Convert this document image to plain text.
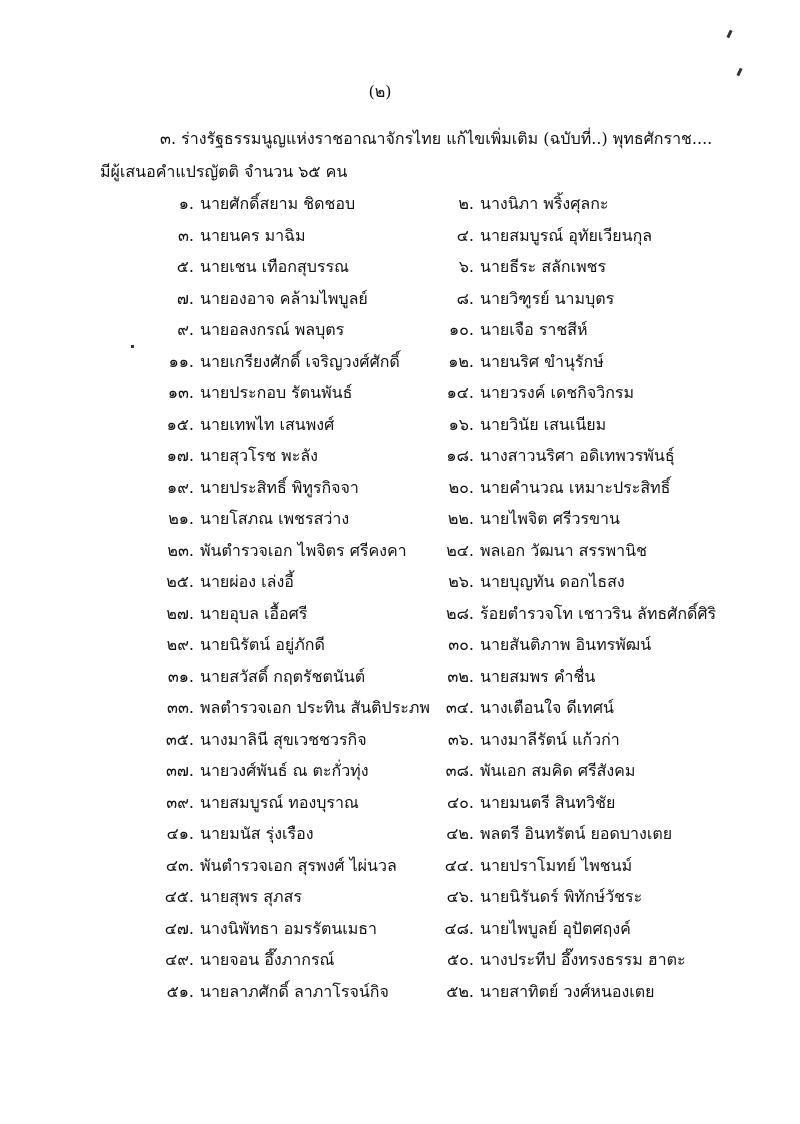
(๒)
๓. ร่างรัฐธรรมนูญแห่งราชอาณาจักรไทย แก้ไขเพิ่มเติม (ฉบับที่..) พุทธศักราช....
มีผู้เสนอคำแปรญัตติ จำนวน ๖๕ คน
๑. นายศักดิ์สยาม ชิดชอบ	๒. นางนิภา พริ้งศุลกะ
๓. นายนคร มาฉิม	๔. นายสมบูรณ์ อุทัยเวียนกุล
๕. นายเชน เทือกสุบรรณ	๖. นายธีระ สลักเพชร
๗. นายองอาจ คล้ามไพบูลย์	๘. นายวิฑูรย์ นามบุตร
๙. นายอลงกรณ์ พลบุตร	๑๐. นายเจือ ราชสีห์
๑๑. นายเกรียงศักดิ์ เจริญวงศ์ศักดิ์	๑๒. นายนริศ ขำนุรักษ์
๑๓. นายประกอบ รัตนพันธ์	๑๔. นายวรงค์ เดชกิจวิกรม
๑๕. นายเทพไท เสนพงศ์	๑๖. นายวินัย เสนเนียม
๑๗. นายสุวโรช พะลัง	๑๘. นางสาวนริศา อดิเทพวรพันธุ์
๑๙. นายประสิทธิ์ พิทูรกิจจา	๒๐. นายคำนวณ เหมาะประสิทธิ์
๒๑. นายโสภณ เพชรสว่าง	๒๒. นายไพจิต ศรีวรขาน
๒๓. พันตำรวจเอก ไพจิตร ศรีคงคา	๒๔. พลเอก วัฒนา สรรพานิช
๒๕. นายผ่อง เล่งอี้	๒๖. นายบุญทัน ดอกไธสง
๒๗. นายอุบล เอื้อศรี	๒๘. ร้อยตำรวจโท เชาวริน ลัทธศักดิ์ศิริ
๒๙. นายนิรัตน์ อยู่ภักดี	๓๐. นายสันติภาพ อินทรพัฒน์
๓๑. นายสวัสดิ์ กฤตรัชตนันต์	๓๒. นายสมพร คำชื่น
๓๓. พลตำรวจเอก ประทิน สันติประภพ ๓๔. นางเตือนใจ ดีเทศน์
๓๕. นางมาลินี สุขเวชชวรกิจ	๓๖. นางมาลีรัตน์ แก้วก่า
๓๗. นายวงศ์พันธ์ ณ ตะกั่วทุ่ง	๓๘. พันเอก สมคิด ศรีสังคม
๓๙. นายสมบูรณ์ ทองบุราณ	๔๐. นายมนตรี สินทวิชัย
๔๑. นายมนัส รุ่งเรือง	๔๒. พลตรี อินทรัตน์ ยอดบางเตย
๔๓. พันตำรวจเอก สุรพงศ์ ไผ่นวล	๔๔. นายปราโมทย์ ไพชนม์
๔๕. นายสุพร สุภสร	๔๖. นายนิรันดร์ พิทักษ์วัชระ
๔๗. นางนิพัทธา อมรรัตนเมธา	๔๘. นายไพบูลย์ อุปัตศฤงค์
๔๙. นายจอน อึ๊งภากรณ์	๕๐. นางประทีป อึ๊งทรงธรรม ฮาตะ
๕๑. นายลาภศักดิ์ ลาภาโรจน์กิจ	๕๒. นายสาทิตย์ วงศ์หนองเตย
